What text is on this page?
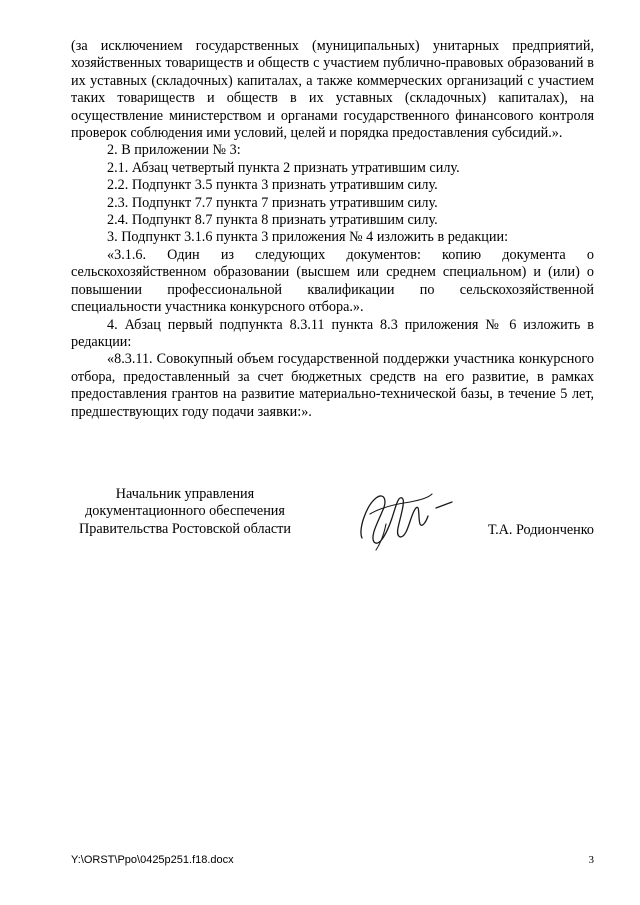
(за исключением государственных (муниципальных) унитарных предприятий, хозяйственных товариществ и обществ с участием публично-правовых образований в их уставных (складочных) капиталах, а также коммерческих организаций с участием таких товариществ и обществ в их уставных (складочных) капиталах), на осуществление министерством и органами государственного финансового контроля проверок соблюдения ими условий, целей и порядка предоставления субсидий.».

2. В приложении № 3:

2.1. Абзац четвертый пункта 2 признать утратившим силу.

2.2. Подпункт 3.5 пункта 3 признать утратившим силу.

2.3. Подпункт 7.7 пункта 7 признать утратившим силу.

2.4. Подпункт 8.7 пункта 8 признать утратившим силу.

3. Подпункт 3.1.6 пункта 3 приложения № 4 изложить в редакции:

«3.1.6. Один из следующих документов: копию документа о сельскохозяйственном образовании (высшем или среднем специальном) и (или) о повышении профессиональной квалификации по сельскохозяйственной специальности участника конкурсного отбора.».

4. Абзац первый подпункта 8.3.11 пункта 8.3 приложения № 6 изложить в редакции:

«8.3.11. Совокупный объем государственной поддержки участника конкурсного отбора, предоставленный за счет бюджетных средств на его развитие, в рамках предоставления грантов на развитие материально-технической базы, в течение 5 лет, предшествующих году подачи заявки:».

Начальник управления
документационного обеспечения
Правительства Ростовской области	Т.А. Родионченко
Y:\ORST\Ppo\0425p251.f18.docx	3
